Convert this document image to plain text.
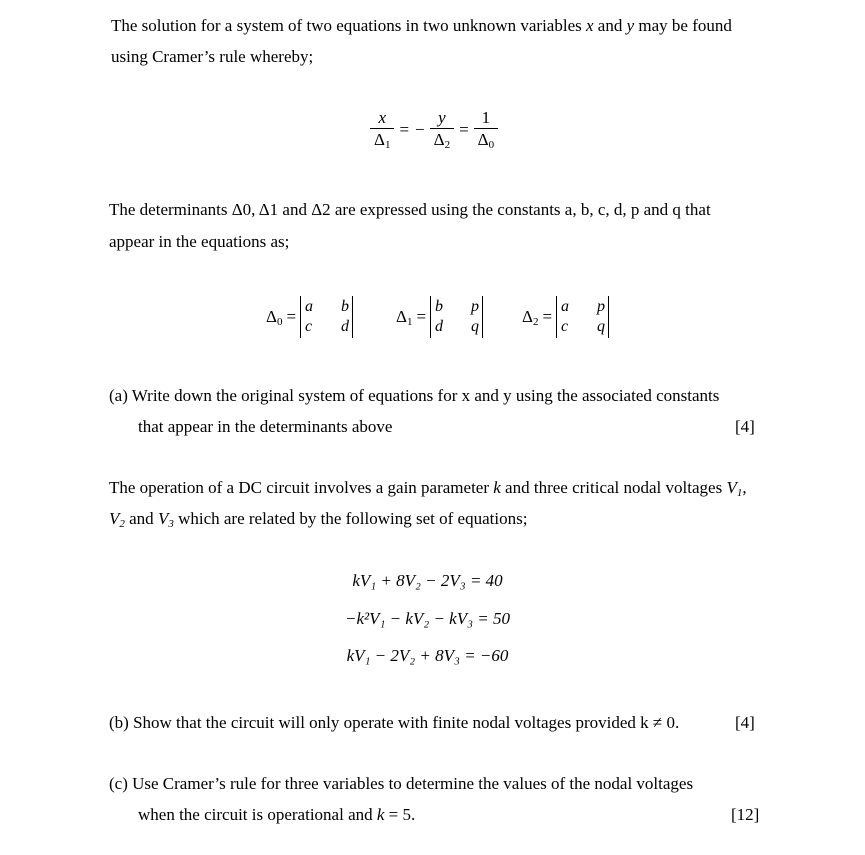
The solution for a system of two equations in two unknown variables x and y may be found
using Cramer’s rule whereby;
$\frac{x}{\Delta_1}$ = − $\frac{y}{\Delta_2} = \frac{1}{\Delta_0}$
The determinants Δ0, Δ1 and Δ2 are expressed using the constants a, b, c, d, p and q that
appear in the equations as;
$\Delta_0$ =
a	b
c	d
$\Delta_1$ =
b	p
d	q
$\Delta_2$ =
a	p
c	q
(a) Write down the original system of equations for x and y using the associated constants
that appear in the determinants above	[4]
The operation of a DC circuit involves a gain parameter k and three critical nodal voltages $V_1$,
$V_2$ and $V_3$ which are related by the following set of equations;
kV₁ + 8V₂ − 2V₃ = 40
−k²V₁ − kV₂ − kV₃ = 50
kV₁ − 2V₂ + 8V₃ = −60
(b) Show that the circuit will only operate with finite nodal voltages provided k ≠ 0.	[4]
(c) Use Cramer’s rule for three variables to determine the values of the nodal voltages
when the circuit is operational and k = 5.	[12]
